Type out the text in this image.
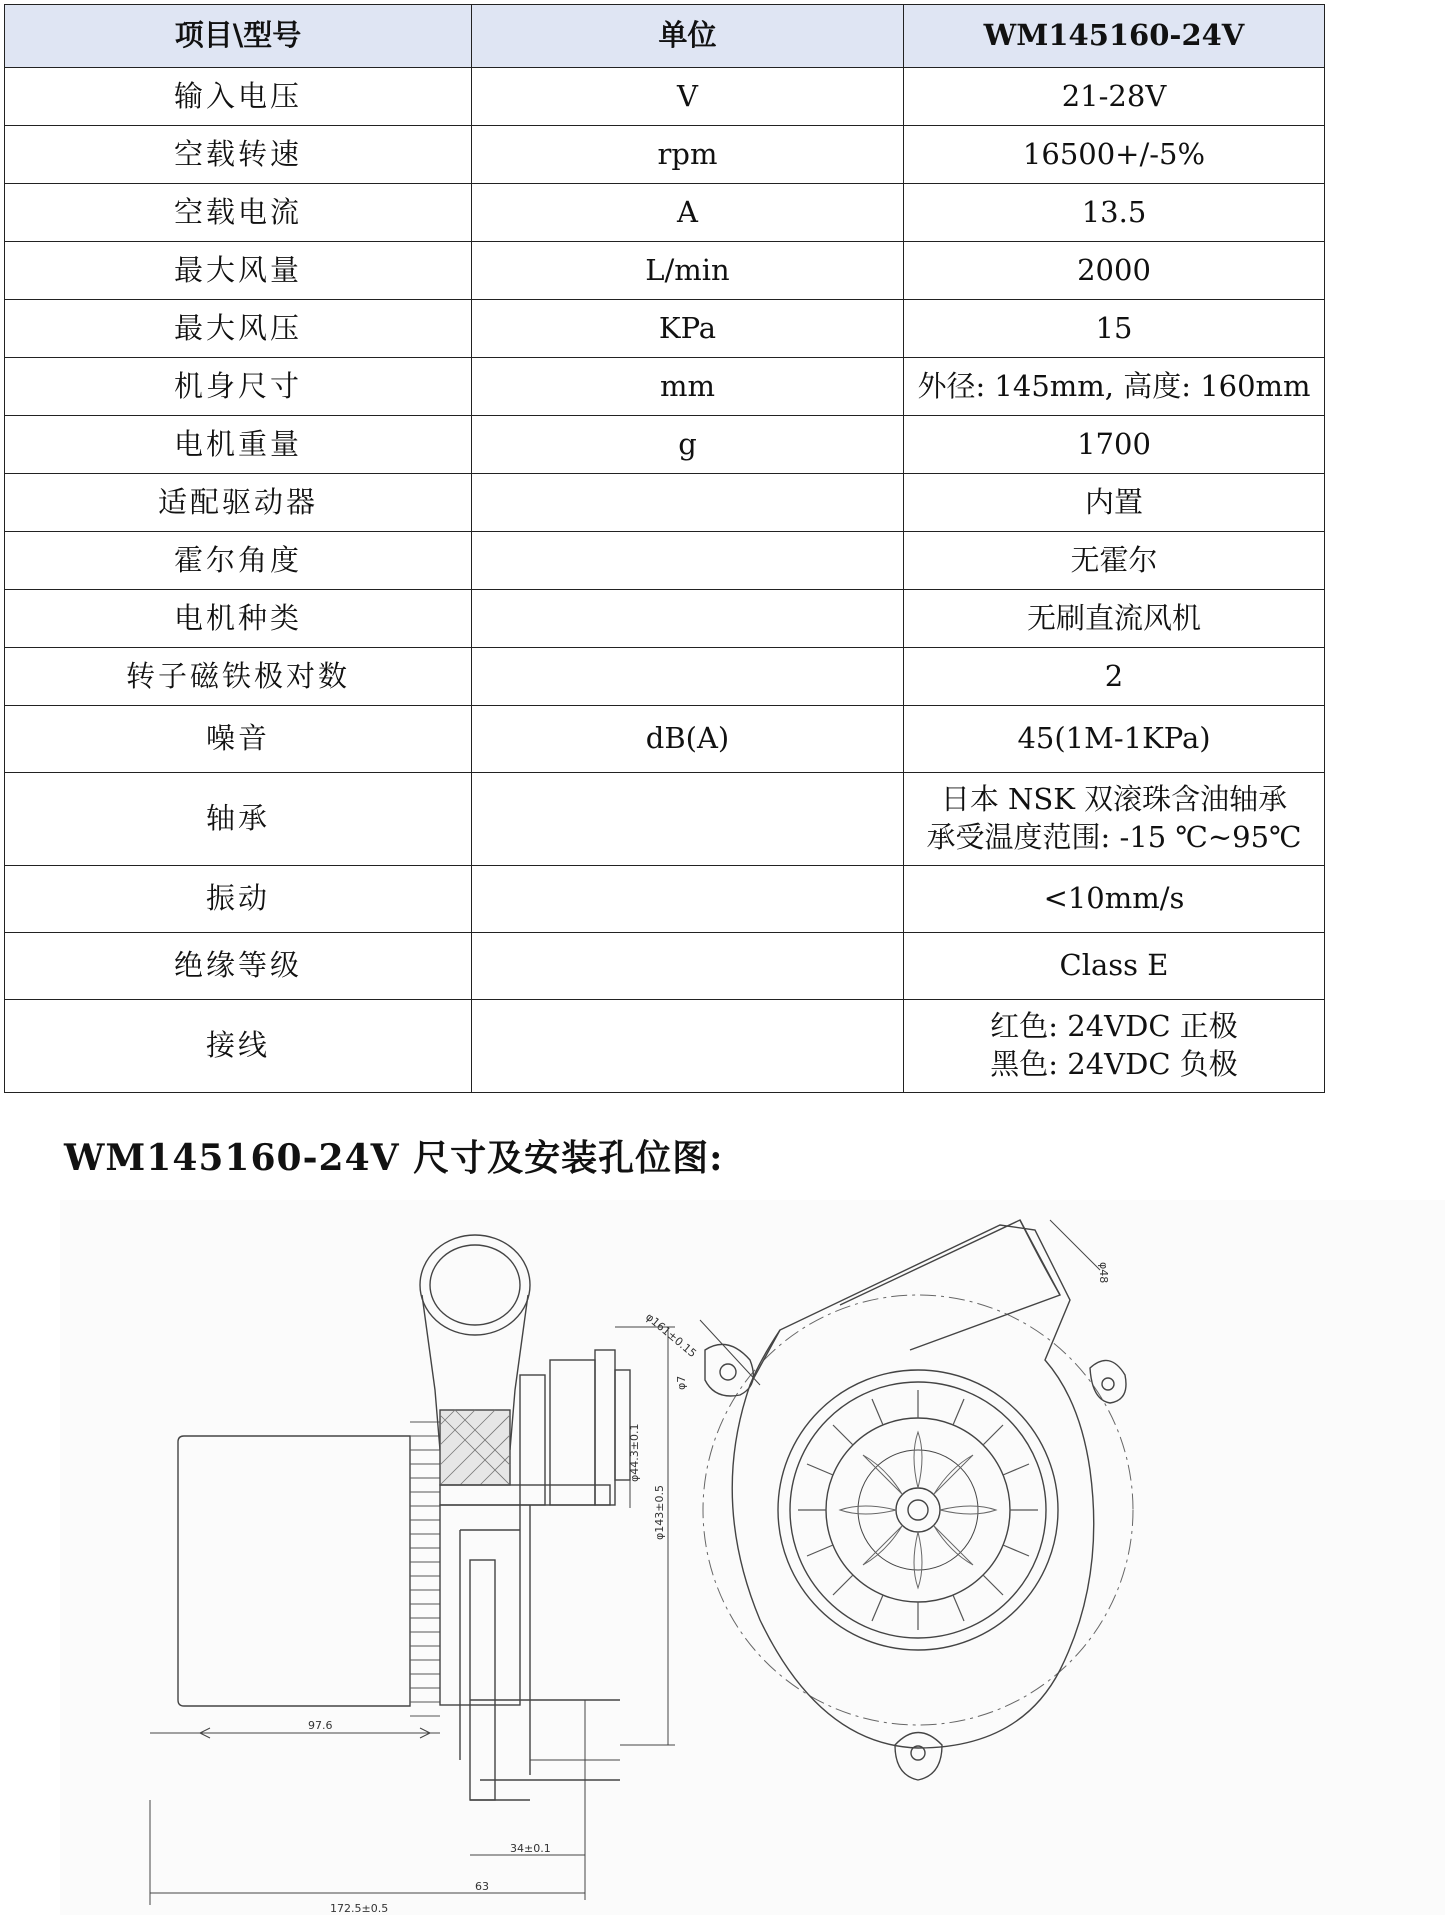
项目\型号	单位	WM145160-24V
输入电压	V	21-28V

空载转速	rpm	16500+/-5%

空载电流	A	13.5

最大风量	L/min	2000

最大风压	KPa	15

机身尺寸	mm	外径: 145mm, 高度: 160mm

电机重量	g	1700

适配驱动器		内置

霍尔角度		无霍尔

电机种类		无刷直流风机

转子磁铁极对数		2

噪音	dB(A)	45(1M-1KPa)

轴承		日本 NSK 双滚珠含油轴承
承受温度范围: -15 ℃~95℃

振动		<10mm/s

绝缘等级		Class E

接线		红色: 24VDC 正极
黑色: 24VDC 负极
WM145160-24V 尺寸及安装孔位图:
φ44.3±0.1
φ143±0.5
97.6
34±0.1
63
172.5±0.5
φ161±0.15
φ7
φ48
